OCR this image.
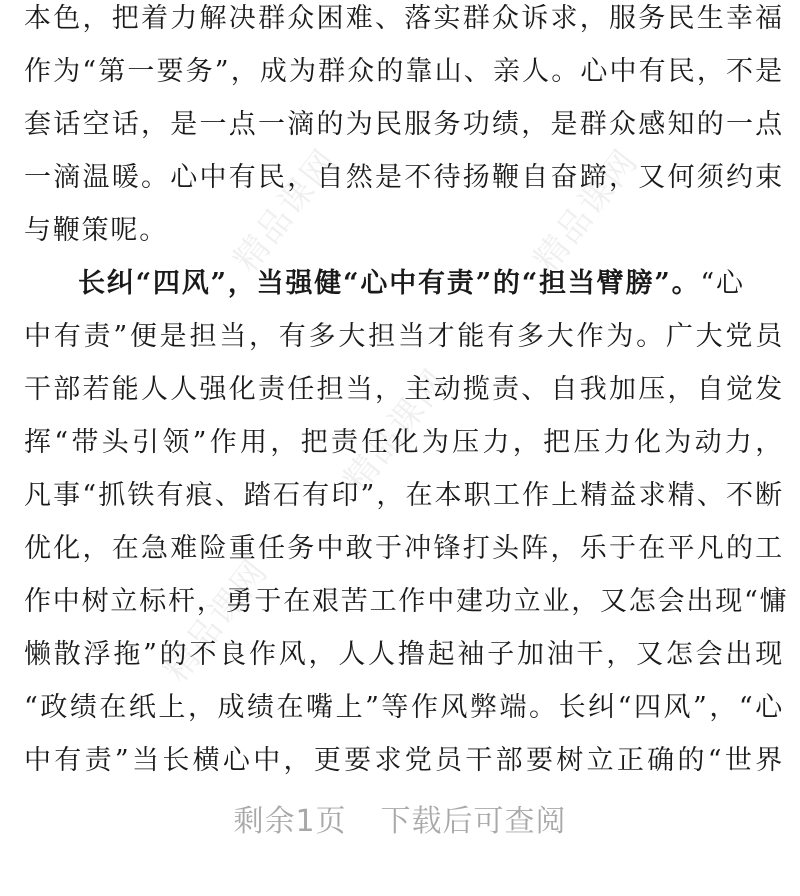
精品课网
精品课网
精品课网
精品课网
本色，把着力解决群众困难、落实群众诉求，服务民生幸福
作为“第一要务”，成为群众的靠山、亲人。心中有民，不是
套话空话，是一点一滴的为民服务功绩，是群众感知的一点
一滴温暖。心中有民，自然是不待扬鞭自奋蹄，又何须约束
与鞭策呢。
长纠“四风”，当强健“心中有责”的“担当臂膀”。“心
中有责”便是担当，有多大担当才能有多大作为。广大党员
干部若能人人强化责任担当，主动揽责、自我加压，自觉发
挥“带头引领”作用，把责任化为压力，把压力化为动力，
凡事“抓铁有痕、踏石有印”，在本职工作上精益求精、不断
优化，在急难险重任务中敢于冲锋打头阵，乐于在平凡的工
作中树立标杆，勇于在艰苦工作中建功立业，又怎会出现“慵
懒散浮拖”的不良作风，人人撸起袖子加油干，又怎会出现
“政绩在纸上，成绩在嘴上”等作风弊端。长纠“四风”，“心
中有责”当长横心中，更要求党员干部要树立正确的“世界
剩余1页 下载后可查阅
